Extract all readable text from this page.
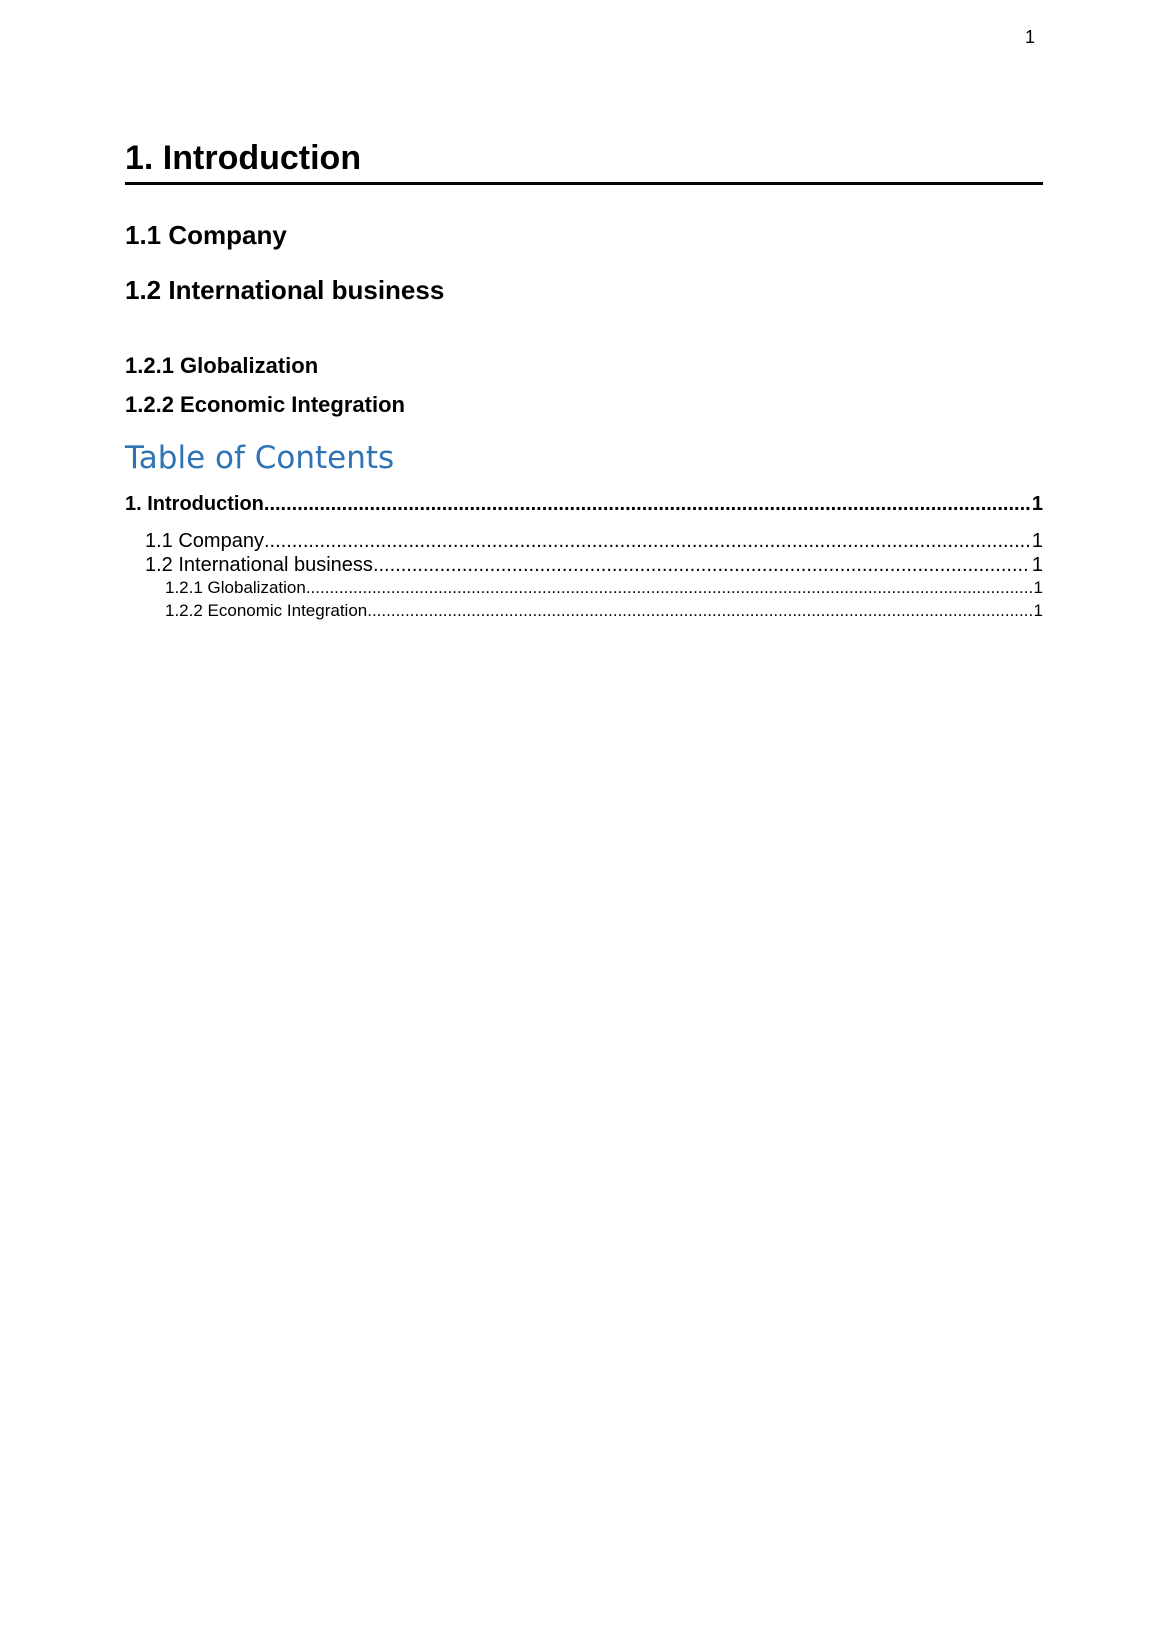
1
1. Introduction
1.1 Company
1.2 International business
1.2.1 Globalization
1.2.2 Economic Integration
Table of Contents
1. Introduction .....	1
1.1 Company .....	1
1.2 International business .....	1
1.2.1 Globalization .....	1
1.2.2 Economic Integration .....	1
